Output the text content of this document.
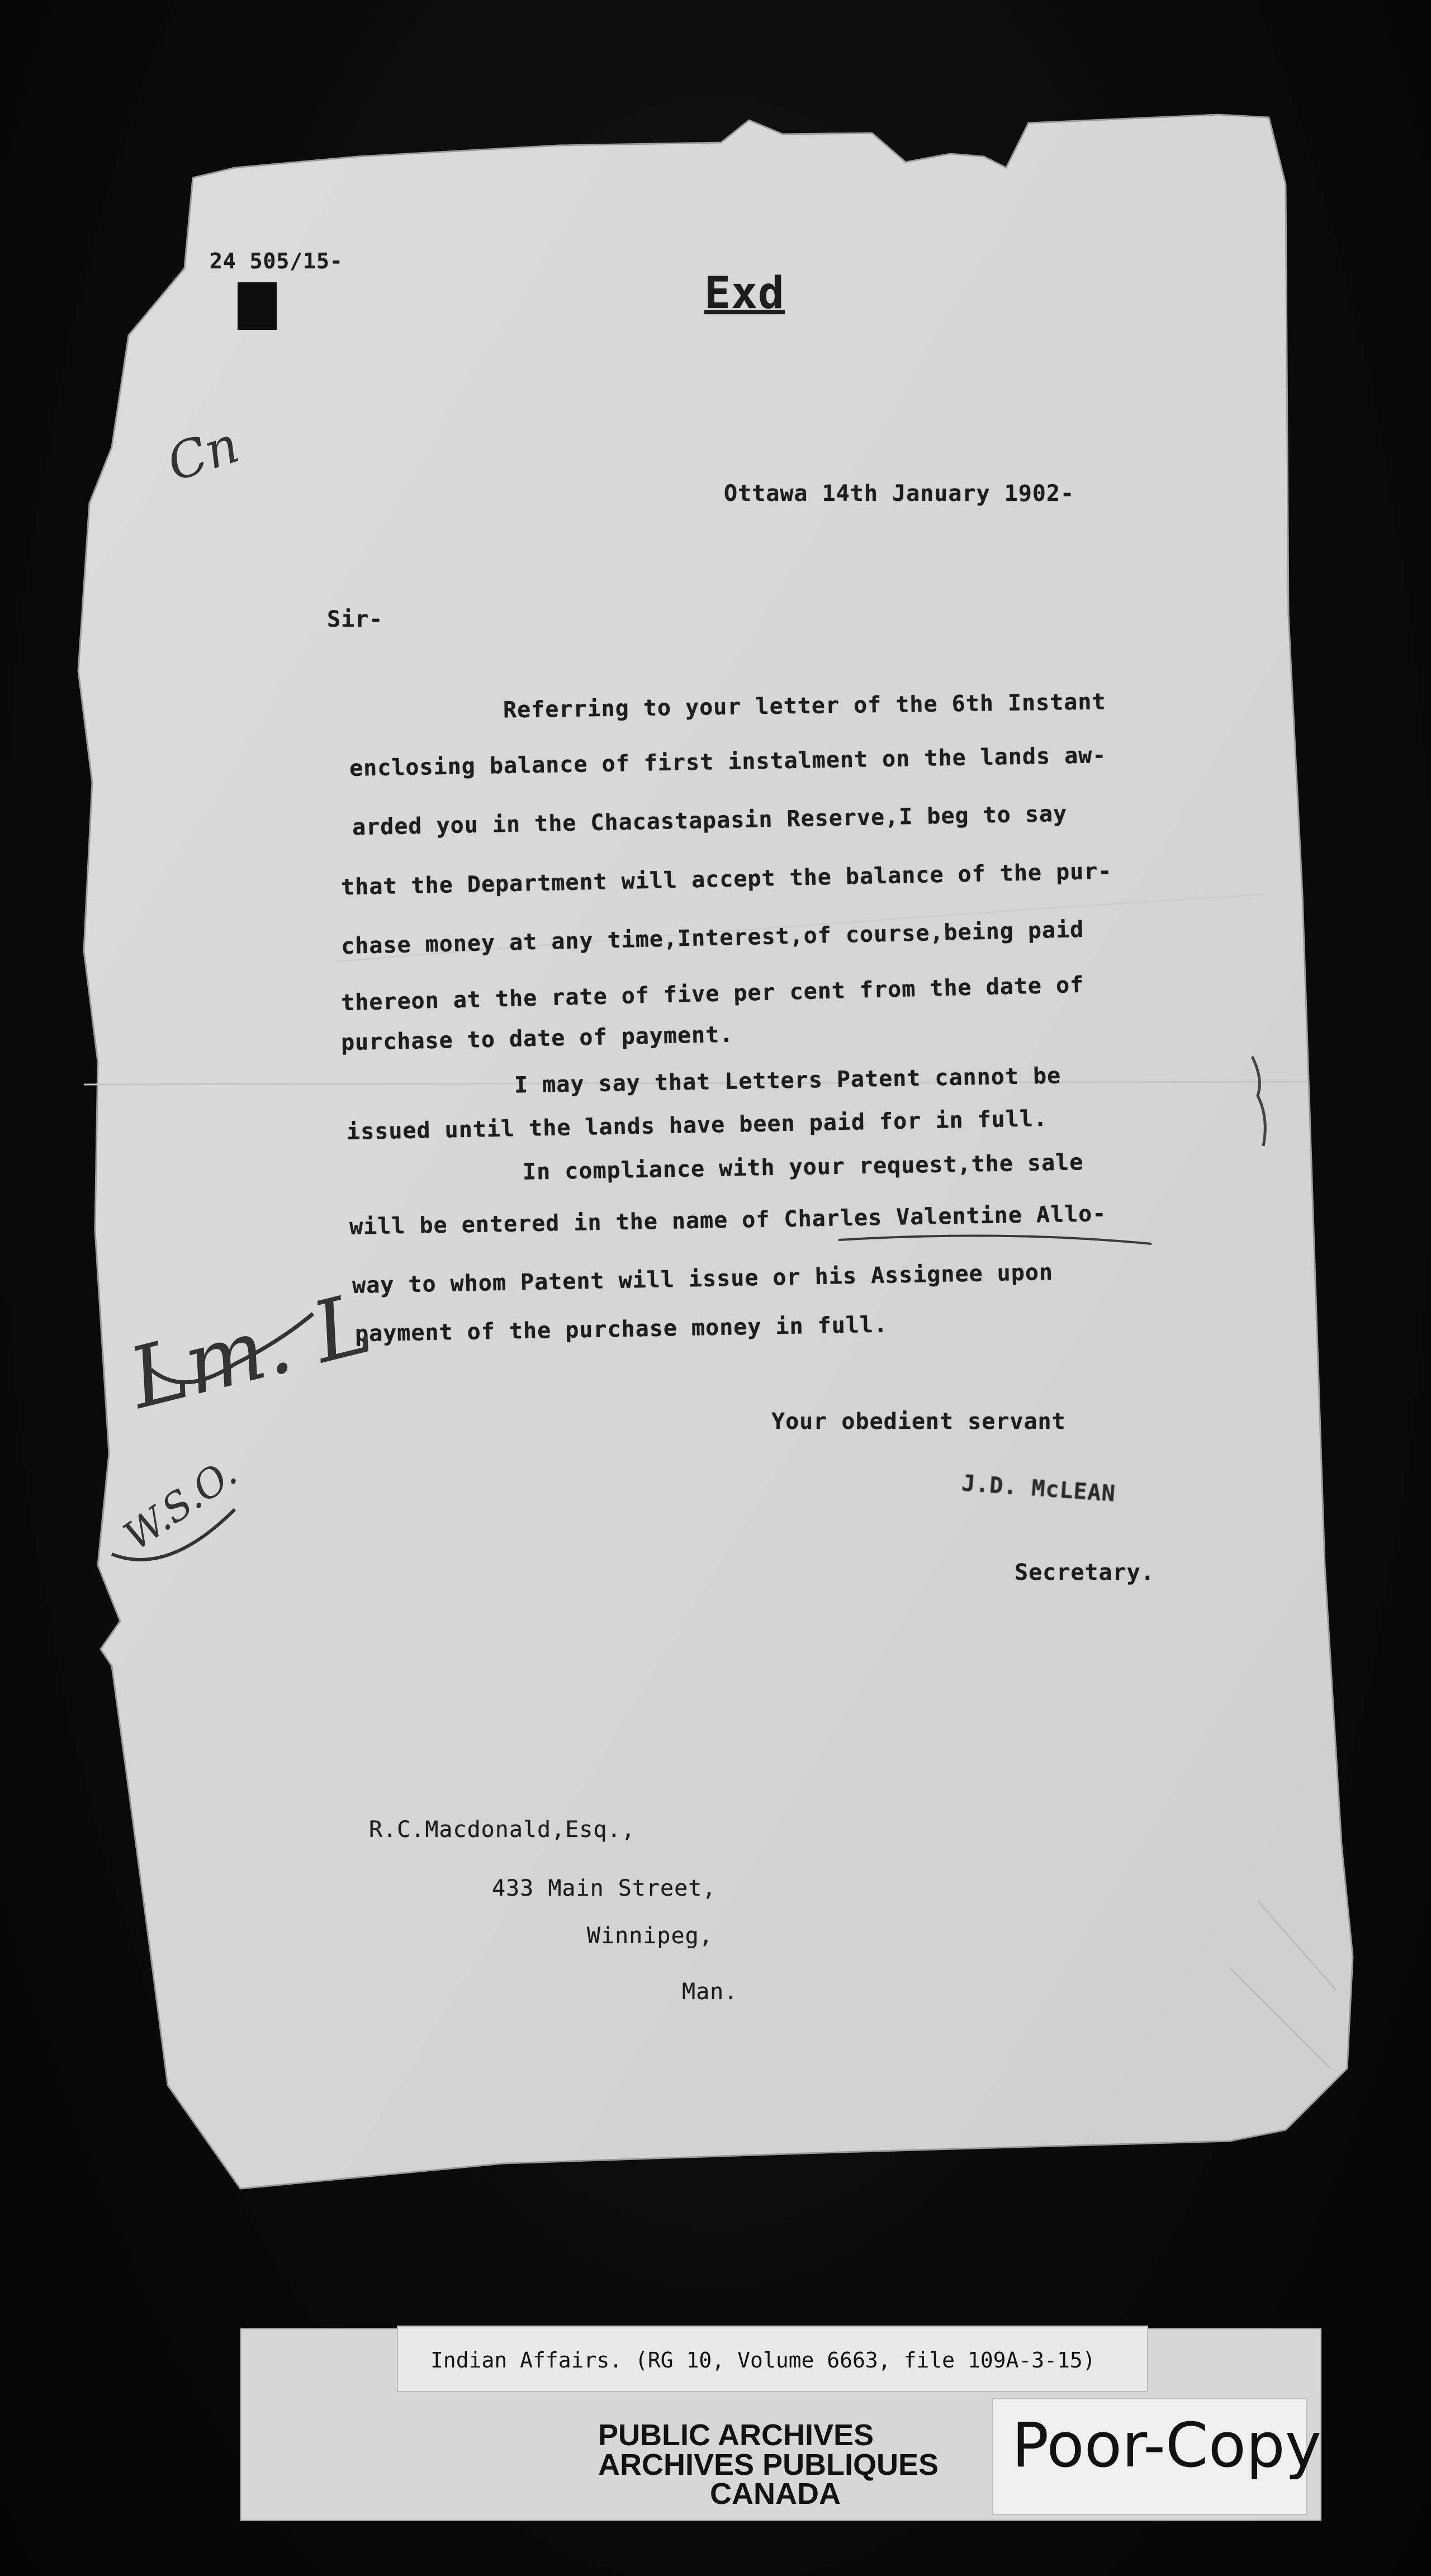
24 505/15-
Exd
Cn
Ottawa 14th January 1902-
Sir-
Referring to your letter of the 6th Instant
enclosing balance of first instalment on the lands aw-
arded you in the Chacastapasin Reserve,I beg to say
that the Department will accept the balance of the pur-
chase money at any time,Interest,of course,being paid
thereon at the rate of five per cent from the date of
purchase to date of payment.
I may say that Letters Patent cannot be
issued until the lands have been paid for in full.
In compliance with your request,the sale
will be entered in the name of Charles Valentine Allo-
way to whom Patent will issue or his Assignee upon
payment of the purchase money in full.
Your obedient servant
J.D. McLEAN
Secretary.
Lm. L
W.S.O.
R.C.Macdonald,Esq.,
433 Main Street,
Winnipeg,
Man.
Indian Affairs. (RG 10, Volume 6663, file 109A-3-15)
PUBLIC ARCHIVES
ARCHIVES PUBLIQUES
CANADA
Poor-Copy
